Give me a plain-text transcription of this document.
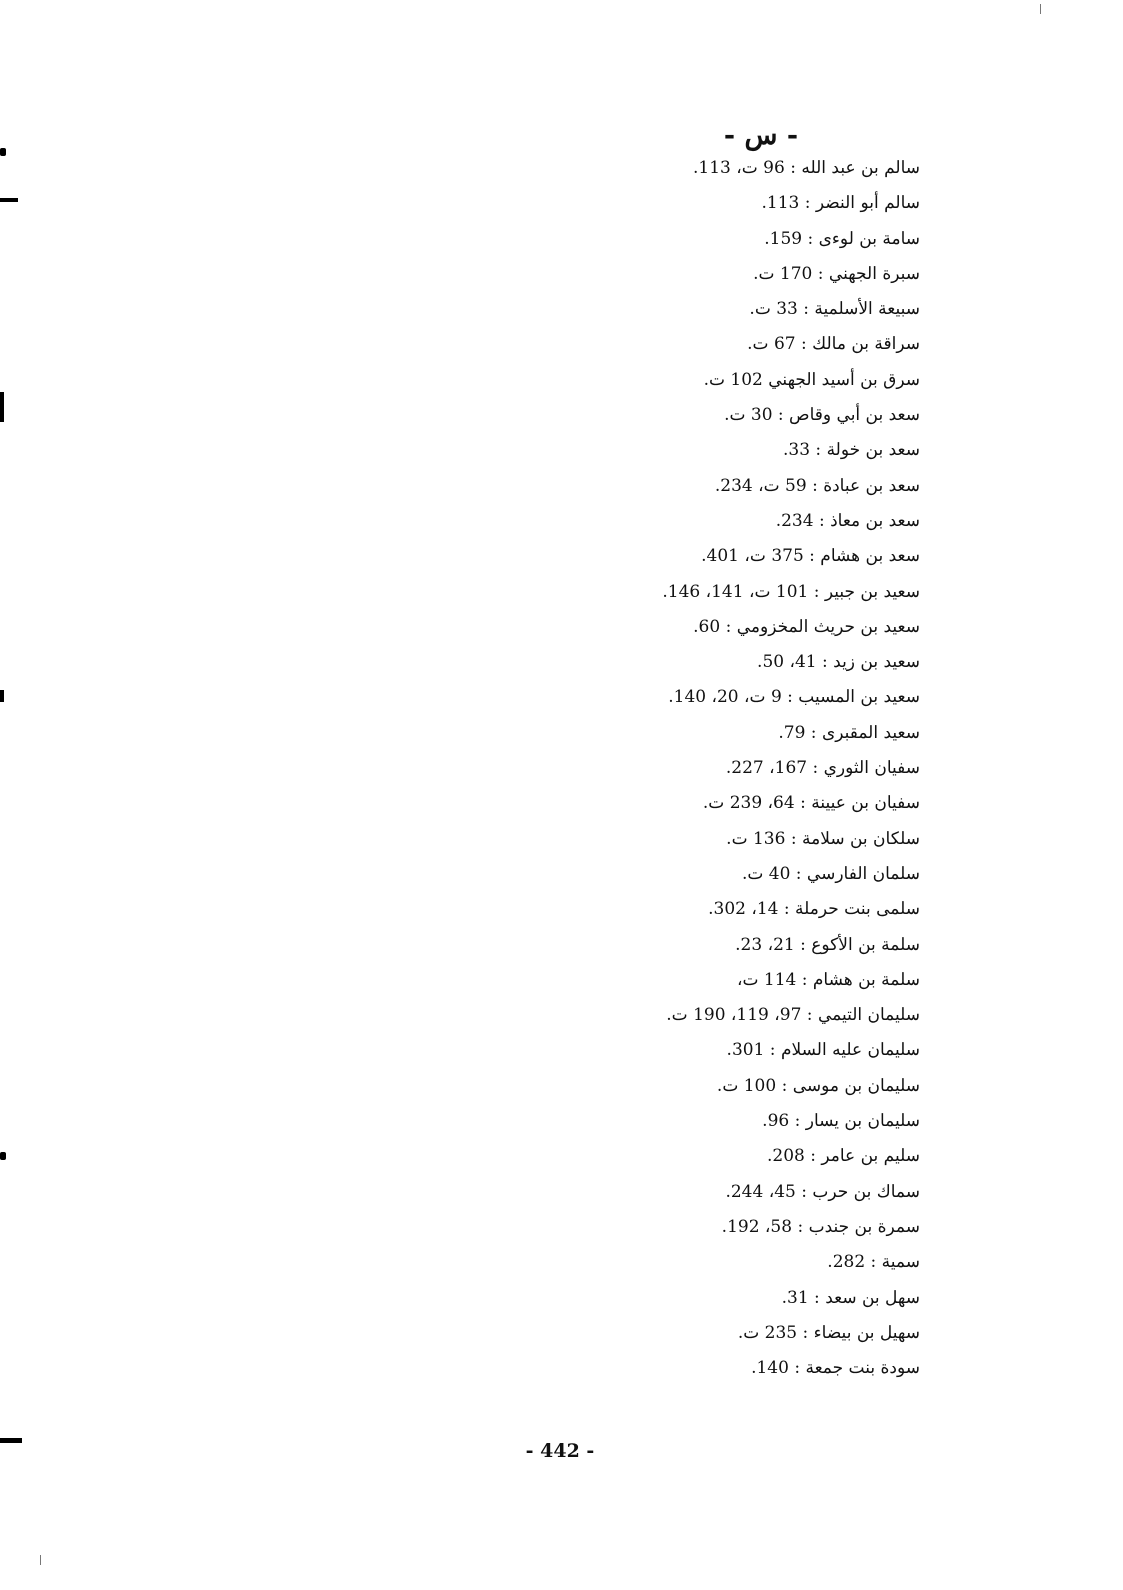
- س -
سالم بن عبد الله : 96 ت، 113.
سالم أبو النضر : 113.
سامة بن لوءى : 159.
سبرة الجهني : 170 ت.
سبيعة الأسلمية : 33 ت.
سراقة بن مالك : 67 ت.
سرق بن أسيد الجهني 102 ت.
سعد بن أبي وقاص : 30 ت.
سعد بن خولة : 33.
سعد بن عبادة : 59 ت، 234.
سعد بن معاذ : 234.
سعد بن هشام : 375 ت، 401.
سعيد بن جبير : 101 ت، 141، 146.
سعيد بن حريث المخزومي : 60.
سعيد بن زيد : 41، 50.
سعيد بن المسيب : 9 ت، 20، 140.
سعيد المقبرى : 79.
سفيان الثوري : 167، 227.
سفيان بن عيينة : 64، 239 ت.
سلكان بن سلامة : 136 ت.
سلمان الفارسي : 40 ت.
سلمى بنت حرملة : 14، 302.
سلمة بن الأكوع : 21، 23.
سلمة بن هشام : 114 ت،
سليمان التيمي : 97، 119، 190 ت.
سليمان عليه السلام : 301.
سليمان بن موسى : 100 ت.
سليمان بن يسار : 96.
سليم بن عامر : 208.
سماك بن حرب : 45، 244.
سمرة بن جندب : 58، 192.
سمية : 282.
سهل بن سعد : 31.
سهيل بن بيضاء : 235 ت.
سودة بنت جمعة : 140.
- 442 -
